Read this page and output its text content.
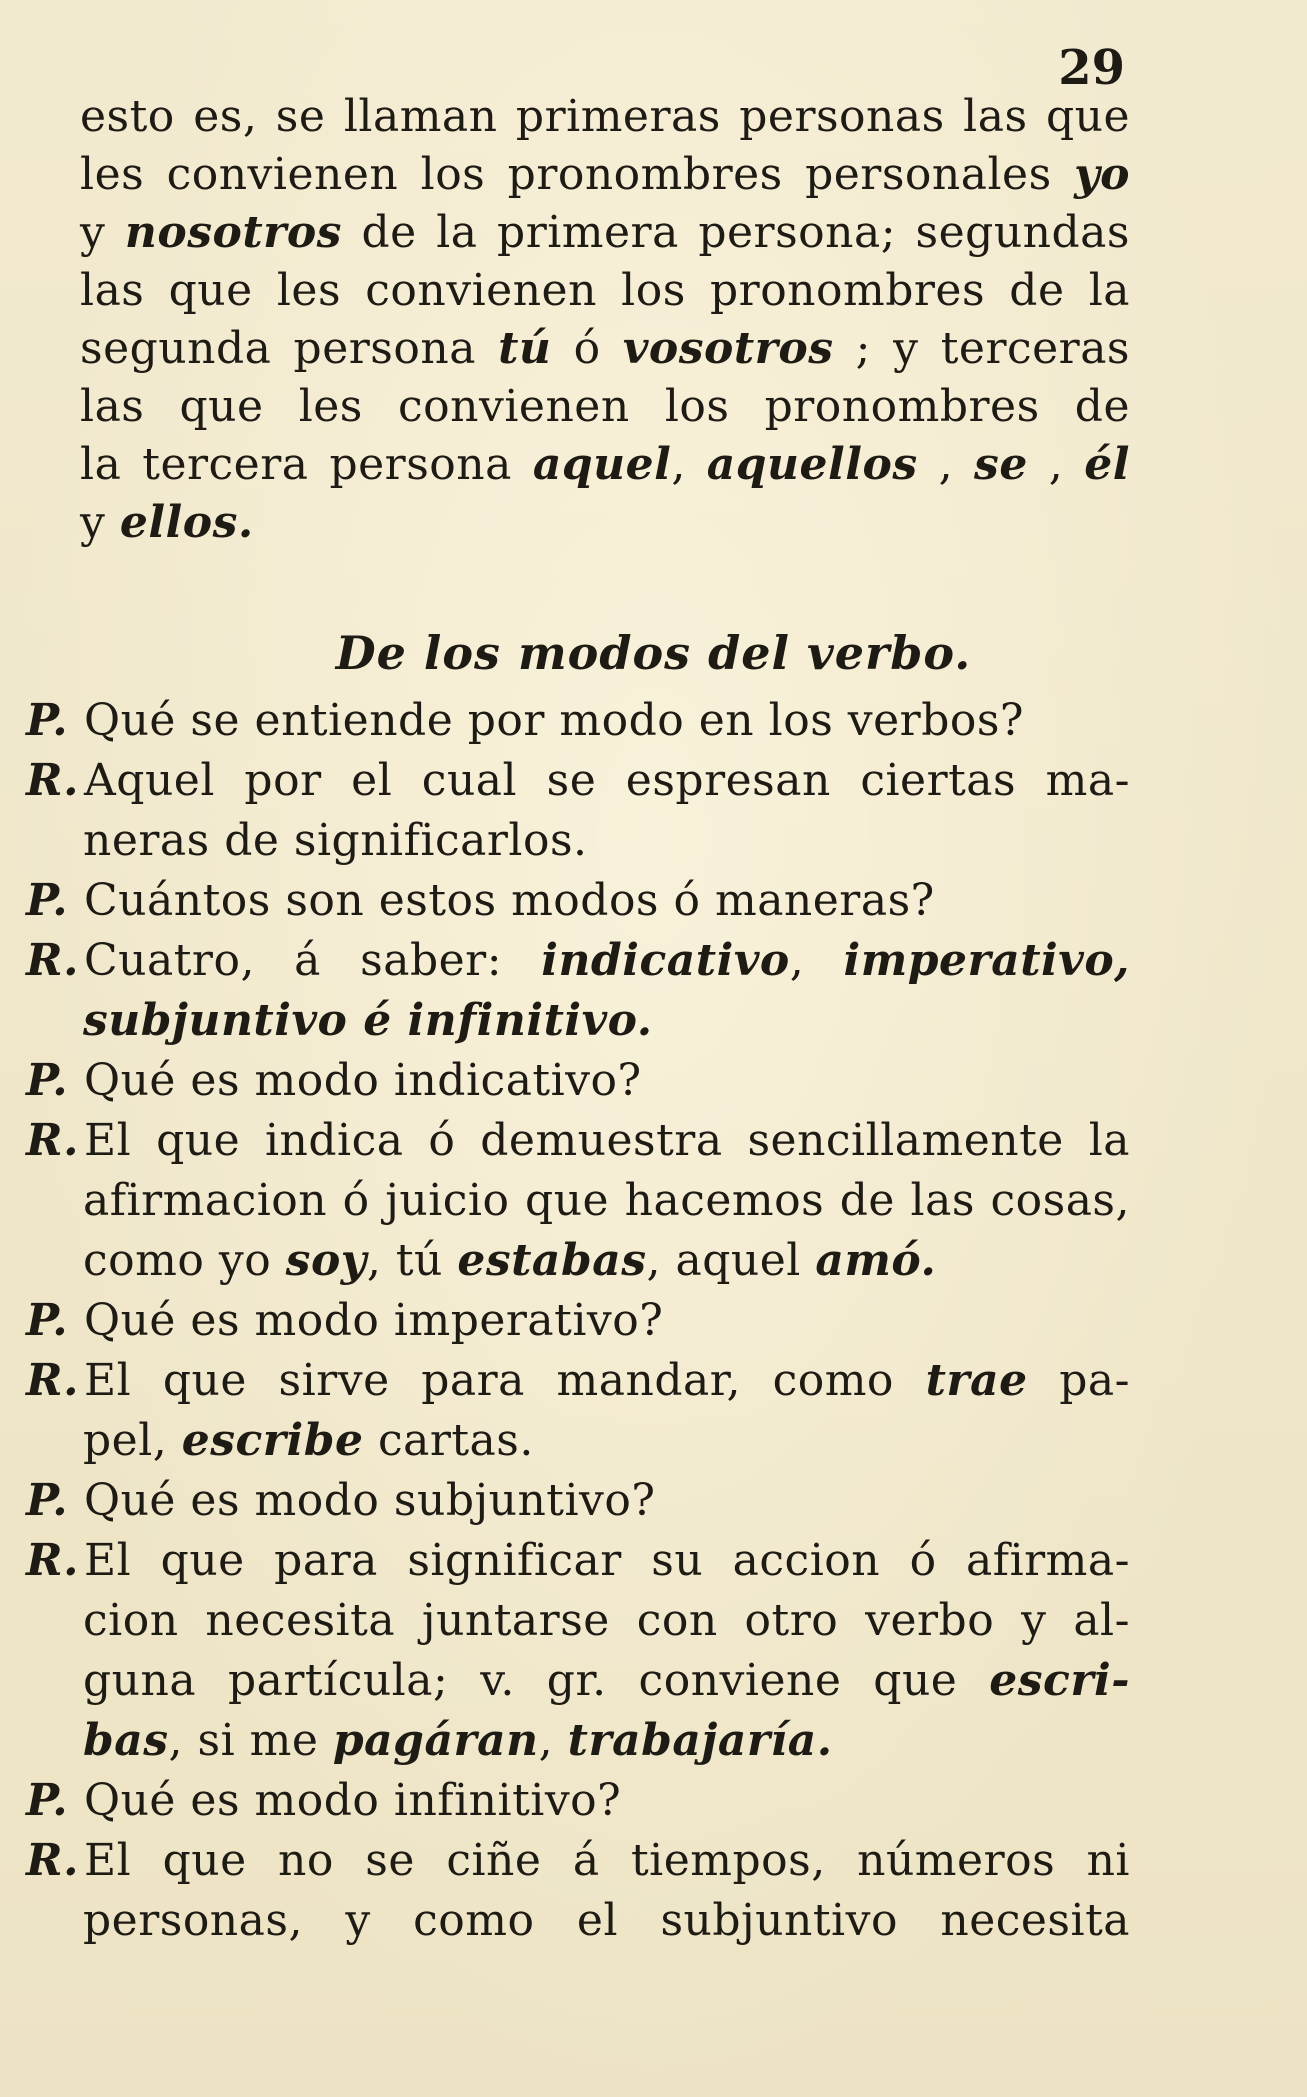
29
esto es, se llaman primeras personas las que
les convienen los pronombres personales yo
y nosotros de la primera persona; segundas
las que les convienen los pronombres de la
segunda persona tú ó vosotros ; y terceras
las que les convienen los pronombres de
la tercera persona aquel, aquellos , se , él
y ellos.
De los modos del verbo.
P. Qué se entiende por modo en los verbos?
R. Aquel por el cual se espresan ciertas ma-
neras de significarlos.
P. Cuántos son estos modos ó maneras?
R. Cuatro, á saber: indicativo, imperativo,
subjuntivo é infinitivo.
P. Qué es modo indicativo?
R. El que indica ó demuestra sencillamente la
afirmacion ó juicio que hacemos de las cosas,
como yo soy, tú estabas, aquel amó.
P. Qué es modo imperativo?
R. El que sirve para mandar, como trae pa-
pel, escribe cartas.
P. Qué es modo subjuntivo?
R. El que para significar su accion ó afirma-
cion necesita juntarse con otro verbo y al-
guna partícula; v. gr. conviene que escri-
bas, si me pagáran, trabajaría.
P. Qué es modo infinitivo?
R. El que no se ciñe á tiempos, números ni
personas, y como el subjuntivo necesita
